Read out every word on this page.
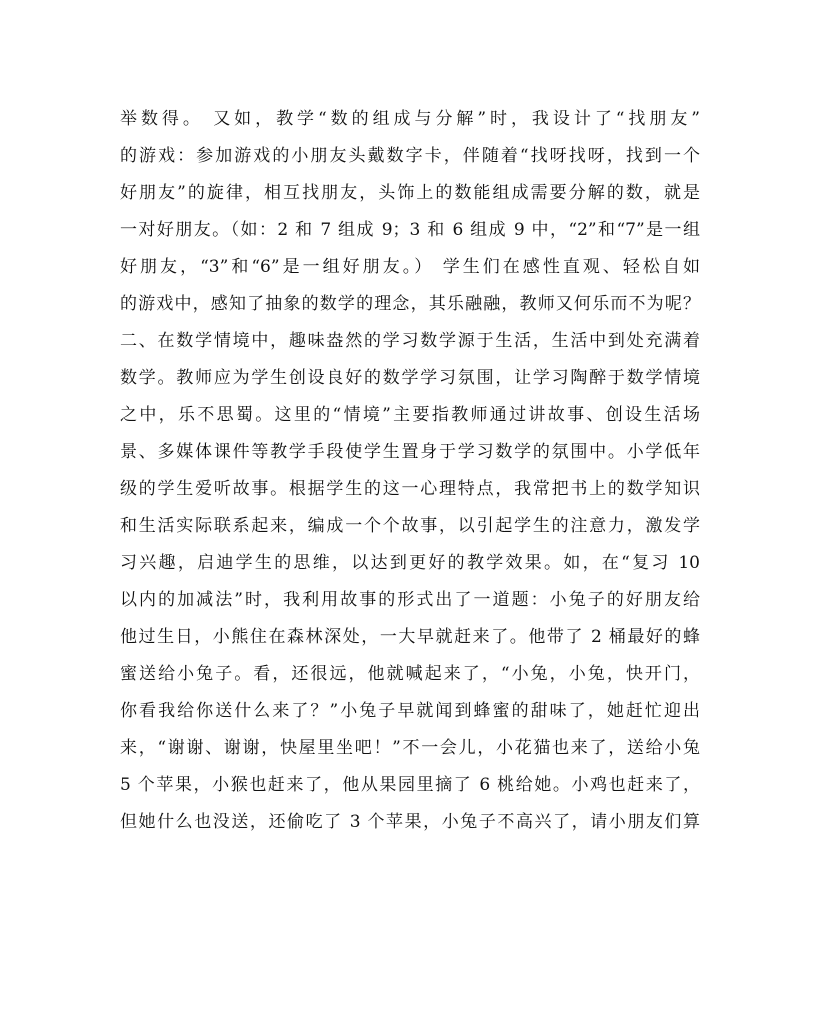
举数得。 又如，教学“数的组成与分解”时，我设计了“找朋友”
的游戏：参加游戏的小朋友头戴数字卡，伴随着“找呀找呀，找到一个
好朋友”的旋律，相互找朋友，头饰上的数能组成需要分解的数，就是
一对好朋友。（如：2 和 7 组成 9；3 和 6 组成 9 中，“2”和“7”是一组
好朋友，“3”和“6”是一组好朋友。） 学生们在感性直观、轻松自如
的游戏中，感知了抽象的数学的理念，其乐融融，教师又何乐而不为呢？
二、在数学情境中，趣味盎然的学习数学源于生活，生活中到处充满着
数学。教师应为学生创设良好的数学学习氛围，让学习陶醉于数学情境
之中，乐不思蜀。这里的“情境”主要指教师通过讲故事、创设生活场
景、多媒体课件等教学手段使学生置身于学习数学的氛围中。小学低年
级的学生爱听故事。根据学生的这一心理特点，我常把书上的数学知识
和生活实际联系起来，编成一个个故事，以引起学生的注意力，激发学
习兴趣，启迪学生的思维，以达到更好的教学效果。如，在“复习 10
以内的加减法”时，我利用故事的形式出了一道题：小兔子的好朋友给
他过生日，小熊住在森林深处，一大早就赶来了。他带了 2 桶最好的蜂
蜜送给小兔子。看，还很远，他就喊起来了，“小兔，小兔，快开门，
你看我给你送什么来了？”小兔子早就闻到蜂蜜的甜味了，她赶忙迎出
来，“谢谢、谢谢，快屋里坐吧！”不一会儿，小花猫也来了，送给小兔
5 个苹果，小猴也赶来了，他从果园里摘了 6 桃给她。小鸡也赶来了，
但她什么也没送，还偷吃了 3 个苹果，小兔子不高兴了，请小朋友们算
